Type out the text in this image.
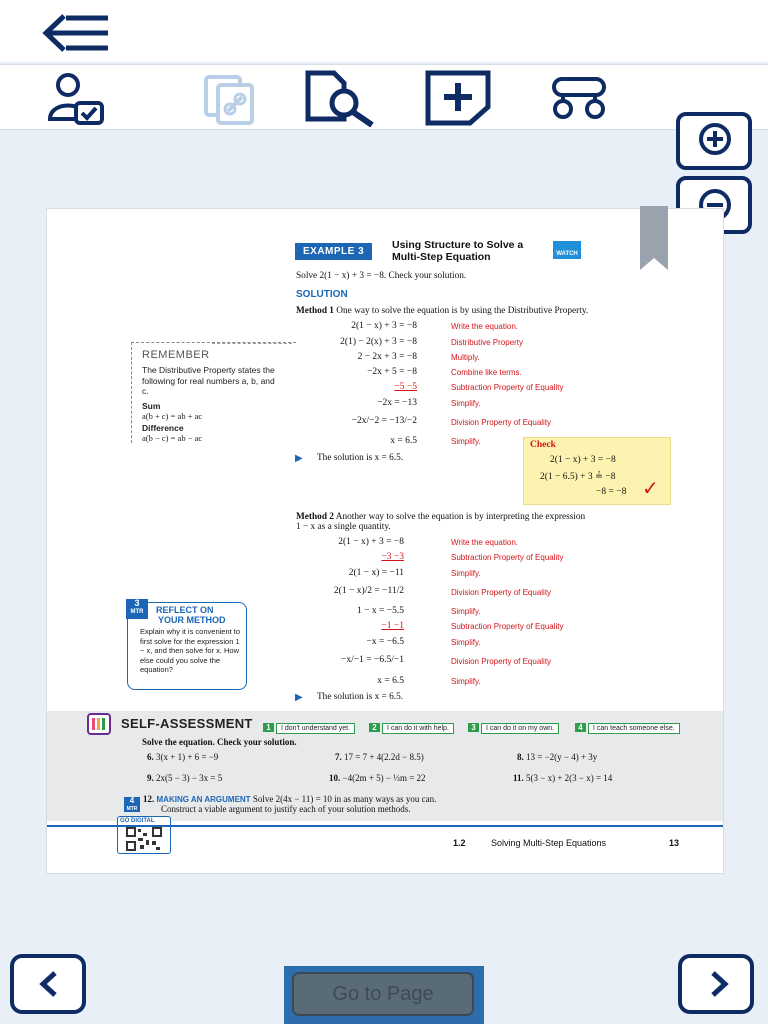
EXAMPLE 3
Using Structure to Solve a
Multi-Step Equation	WATCH
Solve 2(1 − x) + 3 = −8. Check your solution.
SOLUTION
Method 1 One way to solve the equation is by using the Distributive Property.
2(1 − x) + 3 = −8	Write the equation.
2(1) − 2(x) + 3 = −8	Distributive Property
2 − 2x + 3 = −8	Multiply.
−2x + 5 = −8	Combine like terms.
−5 −5	Subtraction Property of Equality
−2x = −13	Simplify.
−2x/−2 = −13/−2	Division Property of Equality
x = 6.5	Simplify.
▶ The solution is x = 6.5.
REMEMBER
The Distributive Property states the following for real numbers a, b, and c.
Sum
a(b + c) = ab + ac
Difference
a(b − c) = ab − ac
Check
2(1 − x) + 3 = −8
2(1 − 6.5) + 3 ≟ −8
−8 = −8 ✓
Method 2 Another way to solve the equation is by interpreting the expression
1 − x as a single quantity.
2(1 − x) + 3 = −8	Write the equation.
−3 −3	Subtraction Property of Equality
2(1 − x) = −11	Simplify.
2(1 − x)/2 = −11/2	Division Property of Equality
1 − x = −5.5	Simplify.
−1 −1	Subtraction Property of Equality
−x = −6.5	Simplify.
−x/−1 = −6.5/−1	Division Property of Equality
x = 6.5	Simplify.
▶ The solution is x = 6.5.
3
MTR	REFLECT ON
YOUR METHOD
Explain why it is convenient to first solve for the expression 1 − x, and then solve for x. How else could you solve the equation?
SELF-ASSESSMENT	1 I don't understand yet.	2 I can do it with help.	3 I can do it on my own.	4 I can teach someone else.
Solve the equation. Check your solution.
6. 3(x + 1) + 6 = −9	7. 17 = 7 + 4(2.2d − 8.5)	8. 13 = −2(y − 4) + 3y
9. 2x(5 − 3) − 3x = 5	10. −4(2m + 5) − ⅓m = 22	11. 5(3 − x) + 2(3 − x) = 14
4
MTR
12. MAKING AN ARGUMENT Solve 2(4x − 11) = 10 in as many ways as you can.
Construct a viable argument to justify each of your solution methods.
GO DIGITAL
1.2	Solving Multi-Step Equations	13
Go to Page
